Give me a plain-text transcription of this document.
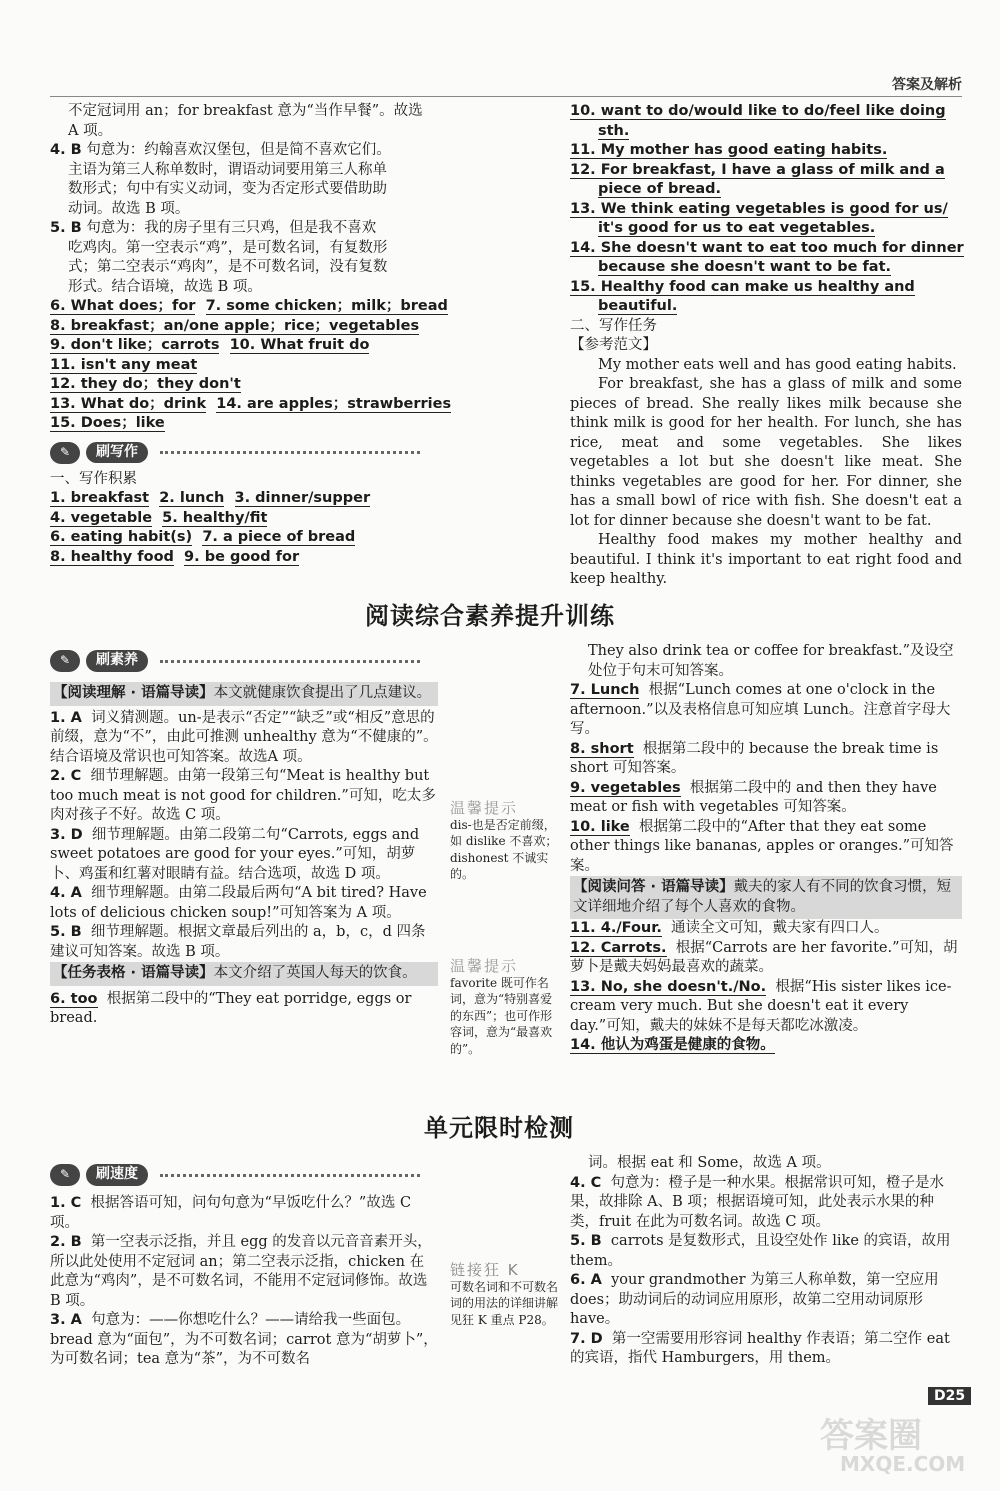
答案及解析
不定冠词用 an；for breakfast 意为“当作早餐”。故选
A 项。
4. B 句意为：约翰喜欢汉堡包，但是简不喜欢它们。
主语为第三人称单数时，谓语动词要用第三人称单
数形式；句中有实义动词，变为否定形式要借助助
动词。故选 B 项。
5. B 句意为：我的房子里有三只鸡，但是我不喜欢
吃鸡肉。第一空表示“鸡”，是可数名词，有复数形
式；第二空表示“鸡肉”，是不可数名词，没有复数
形式。结合语境，故选 B 项。
6. What does；for 7. some chicken；milk；bread
8. breakfast；an/one apple；rice；vegetables
9. don't like；carrots 10. What fruit do
11. isn't any meat
12. they do；they don't
13. What do；drink 14. are apples；strawberries
15. Does；like
✎	刷写作
一、写作积累
1. breakfast 2. lunch 3. dinner/supper
4. vegetable 5. healthy/fit
6. eating habit(s) 7. a piece of bread
8. healthy food 9. be good for
10. want to do/would like to do/feel like doing
sth.
11. My mother has good eating habits.
12. For breakfast, I have a glass of milk and a
piece of bread.
13. We think eating vegetables is good for us/
it's good for us to eat vegetables.
14. She doesn't want to eat too much for dinner
because she doesn't want to be fat.
15. Healthy food can make us healthy and
beautiful.
二、写作任务
【参考范文】

My mother eats well and has good eating habits.

For breakfast, she has a glass of milk and some pieces of bread. She really likes milk because she think milk is good for her health. For lunch, she has rice, meat and some vegetables. She likes vegetables a lot but she doesn't like meat. She thinks vegetables are good for her. For dinner, she has a small bowl of rice with fish. She doesn't eat a lot for dinner because she doesn't want to be fat.

Healthy food makes my mother healthy and beautiful. I think it's important to eat right food and keep healthy.

阅读综合素养提升训练
✎	刷素养
【阅读理解 · 语篇导读】本文就健康饮食提出了几点建议。
1. A 词义猜测题。un-是表示“否定”“缺乏”或“相反”意思的前缀，意为“不”，由此可推测 unhealthy 意为“不健康的”。结合语境及常识也可知答案。故选A 项。
2. C 细节理解题。由第一段第三句“Meat is healthy but too much meat is not good for children.”可知，吃太多肉对孩子不好。故选 C 项。
3. D 细节理解题。由第二段第二句“Carrots, eggs and sweet potatoes are good for your eyes.”可知，胡萝卜、鸡蛋和红薯对眼睛有益。结合选项，故选 D 项。
4. A 细节理解题。由第二段最后两句“A bit tired? Have lots of delicious chicken soup!”可知答案为 A 项。
5. B 细节理解题。根据文章最后列出的 a，b，c，d 四条建议可知答案。故选 B 项。
【任务表格 · 语篇导读】本文介绍了英国人每天的饮食。
6. too 根据第二段中的“They eat porridge, eggs or bread.
温馨提示
dis-也是否定前缀，如 dislike 不喜欢；dishonest 不诚实的。
温馨提示
favorite 既可作名词，意为“特别喜爱的东西”；也可作形容词，意为“最喜欢的”。
They also drink tea or coffee for breakfast.”及设空处位于句末可知答案。
7. Lunch 根据“Lunch comes at one o'clock in the afternoon.”以及表格信息可知应填 Lunch。注意首字母大写。
8. short 根据第二段中的 because the break time is short 可知答案。
9. vegetables 根据第二段中的 and then they have meat or fish with vegetables 可知答案。
10. like 根据第二段中的“After that they eat some other things like bananas, apples or oranges.”可知答案。
【阅读问答 · 语篇导读】戴夫的家人有不同的饮食习惯，短文详细地介绍了每个人喜欢的食物。
11. 4./Four. 通读全文可知，戴夫家有四口人。
12. Carrots. 根据“Carrots are her favorite.”可知，胡萝卜是戴夫妈妈最喜欢的蔬菜。
13. No, she doesn't./No. 根据“His sister likes ice-cream very much. But she doesn't eat it every day.”可知，戴夫的妹妹不是每天都吃冰激凌。
14. 他认为鸡蛋是健康的食物。
单元限时检测
✎	刷速度
1. C 根据答语可知，问句句意为“早饭吃什么？”故选 C 项。
2. B 第一空表示泛指，并且 egg 的发音以元音音素开头，所以此处使用不定冠词 an；第二空表示泛指，chicken 在此意为“鸡肉”，是不可数名词，不能用不定冠词修饰。故选 B 项。
3. A 句意为：——你想吃什么？——请给我一些面包。bread 意为“面包”，为不可数名词；carrot 意为“胡萝卜”，为可数名词；tea 意为“茶”，为不可数名
链接狂 K
可数名词和不可数名词的用法的详细讲解见狂 K 重点 P28。
词。根据 eat 和 Some，故选 A 项。
4. C 句意为：橙子是一种水果。根据常识可知，橙子是水果，故排除 A、B 项；根据语境可知，此处表示水果的种类，fruit 在此为可数名词。故选 C 项。
5. B carrots 是复数形式，且设空处作 like 的宾语，故用 them。
6. A your grandmother 为第三人称单数，第一空应用 does；助动词后的动词应用原形，故第二空用动词原形 have。
7. D 第一空需要用形容词 healthy 作表语；第二空作 eat 的宾语，指代 Hamburgers，用 them。
D25
答案圈
MXQE.COM
